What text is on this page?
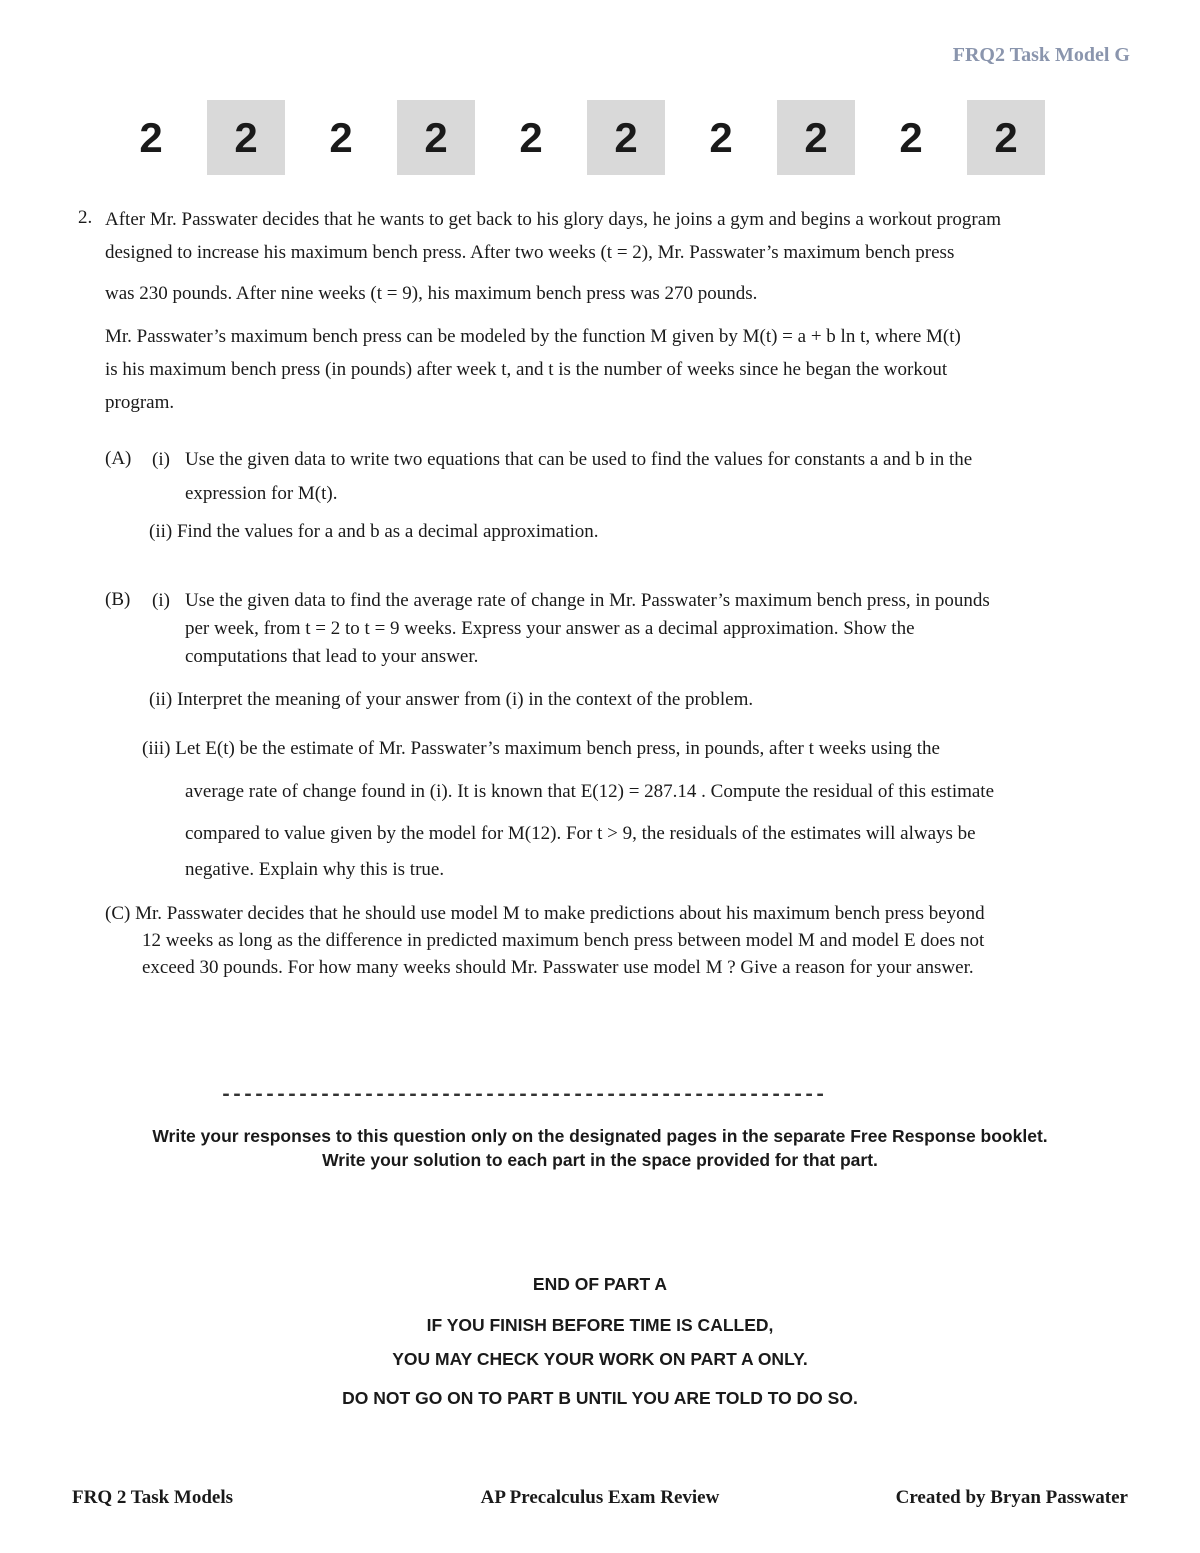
FRQ2 Task Model G
2	2	2	2	2	2	2	2	2	2
2. After Mr. Passwater decides that he wants to get back to his glory days, he joins a gym and begins a workout program
designed to increase his maximum bench press. After two weeks (t = 2), Mr. Passwater’s maximum bench press
was 230 pounds. After nine weeks (t = 9), his maximum bench press was 270 pounds.
Mr. Passwater’s maximum bench press can be modeled by the function M given by M(t) = a + b ln t, where M(t)
is his maximum bench press (in pounds) after week t, and t is the number of weeks since he began the workout
program.
(A) (i) Use the given data to write two equations that can be used to find the values for constants a and b in the
expression for M(t).
(ii) Find the values for a and b as a decimal approximation.
(B) (i) Use the given data to find the average rate of change in Mr. Passwater’s maximum bench press, in pounds
per week, from t = 2 to t = 9 weeks. Express your answer as a decimal approximation. Show the
computations that lead to your answer.
(ii) Interpret the meaning of your answer from (i) in the context of the problem.
(iii) Let E(t) be the estimate of Mr. Passwater’s maximum bench press, in pounds, after t weeks using the
average rate of change found in (i). It is known that E(12) = 287.14 . Compute the residual of this estimate
compared to value given by the model for M(12). For t > 9, the residuals of the estimates will always be
negative. Explain why this is true.
(C) Mr. Passwater decides that he should use model M to make predictions about his maximum bench press beyond
12 weeks as long as the difference in predicted maximum bench press between model M and model E does not
exceed 30 pounds. For how many weeks should Mr. Passwater use model M ? Give a reason for your answer.
-------------------------------------------------------
Write your responses to this question only on the designated pages in the separate Free Response booklet.
Write your solution to each part in the space provided for that part.
END OF PART A
IF YOU FINISH BEFORE TIME IS CALLED,
YOU MAY CHECK YOUR WORK ON PART A ONLY.
DO NOT GO ON TO PART B UNTIL YOU ARE TOLD TO DO SO.
FRQ 2 Task Models	AP Precalculus Exam Review	Created by Bryan Passwater
